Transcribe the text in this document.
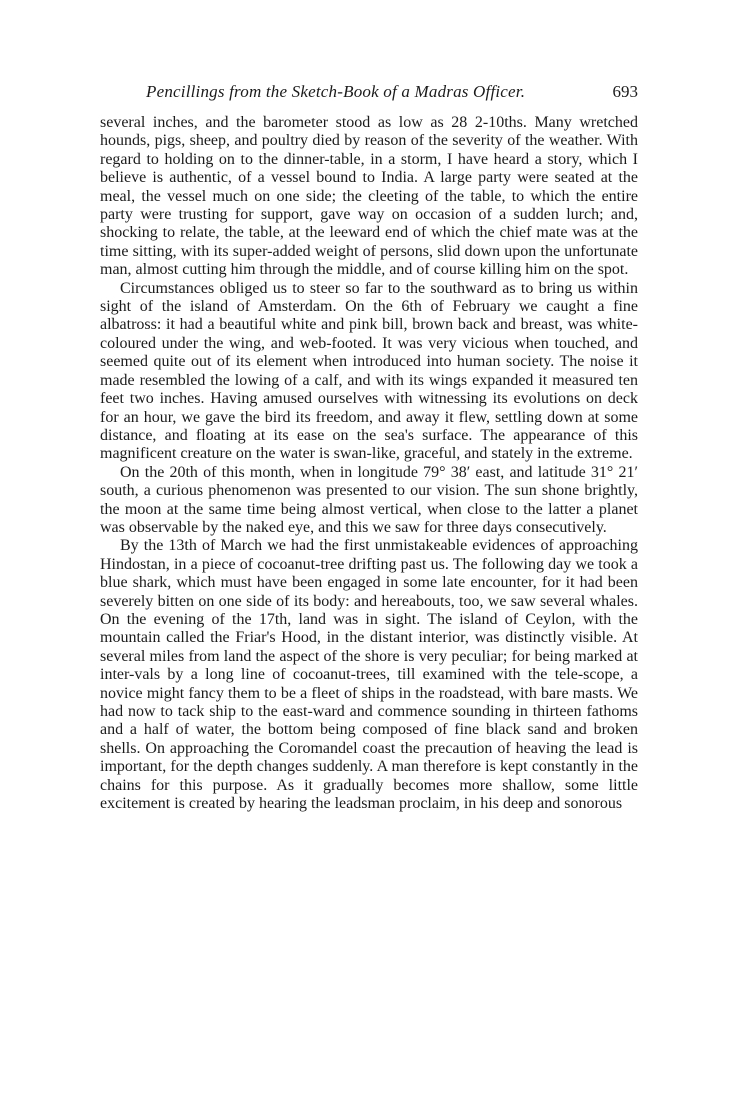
Pencillings from the Sketch-Book of a Madras Officer.	693

several inches, and the barometer stood as low as 28 2-10ths. Many wretched hounds, pigs, sheep, and poultry died by reason of the severity of the weather. With regard to holding on to the dinner-table, in a storm, I have heard a story, which I believe is authentic, of a vessel bound to India. A large party were seated at the meal, the vessel much on one side; the cleeting of the table, to which the entire party were trusting for support, gave way on occasion of a sudden lurch; and, shocking to relate, the table, at the leeward end of which the chief mate was at the time sitting, with its super-added weight of persons, slid down upon the unfortunate man, almost cutting him through the middle, and of course killing him on the spot.

Circumstances obliged us to steer so far to the southward as to bring us within sight of the island of Amsterdam. On the 6th of February we caught a fine albatross: it had a beautiful white and pink bill, brown back and breast, was white-coloured under the wing, and web-footed. It was very vicious when touched, and seemed quite out of its element when introduced into human society. The noise it made resembled the lowing of a calf, and with its wings expanded it measured ten feet two inches. Having amused ourselves with witnessing its evolutions on deck for an hour, we gave the bird its freedom, and away it flew, settling down at some distance, and floating at its ease on the sea's surface. The appearance of this magnificent creature on the water is swan-like, graceful, and stately in the extreme.

On the 20th of this month, when in longitude 79° 38′ east, and latitude 31° 21′ south, a curious phenomenon was presented to our vision. The sun shone brightly, the moon at the same time being almost vertical, when close to the latter a planet was observable by the naked eye, and this we saw for three days consecutively.

By the 13th of March we had the first unmistakeable evidences of approaching Hindostan, in a piece of cocoanut-tree drifting past us. The following day we took a blue shark, which must have been engaged in some late encounter, for it had been severely bitten on one side of its body: and hereabouts, too, we saw several whales. On the evening of the 17th, land was in sight. The island of Ceylon, with the mountain called the Friar's Hood, in the distant interior, was distinctly visible. At several miles from land the aspect of the shore is very peculiar; for being marked at inter-vals by a long line of cocoanut-trees, till examined with the tele-scope, a novice might fancy them to be a fleet of ships in the roadstead, with bare masts. We had now to tack ship to the east-ward and commence sounding in thirteen fathoms and a half of water, the bottom being composed of fine black sand and broken shells. On approaching the Coromandel coast the precaution of heaving the lead is important, for the depth changes suddenly. A man therefore is kept constantly in the chains for this purpose. As it gradually becomes more shallow, some little excitement is created by hearing the leadsman proclaim, in his deep and sonorous
